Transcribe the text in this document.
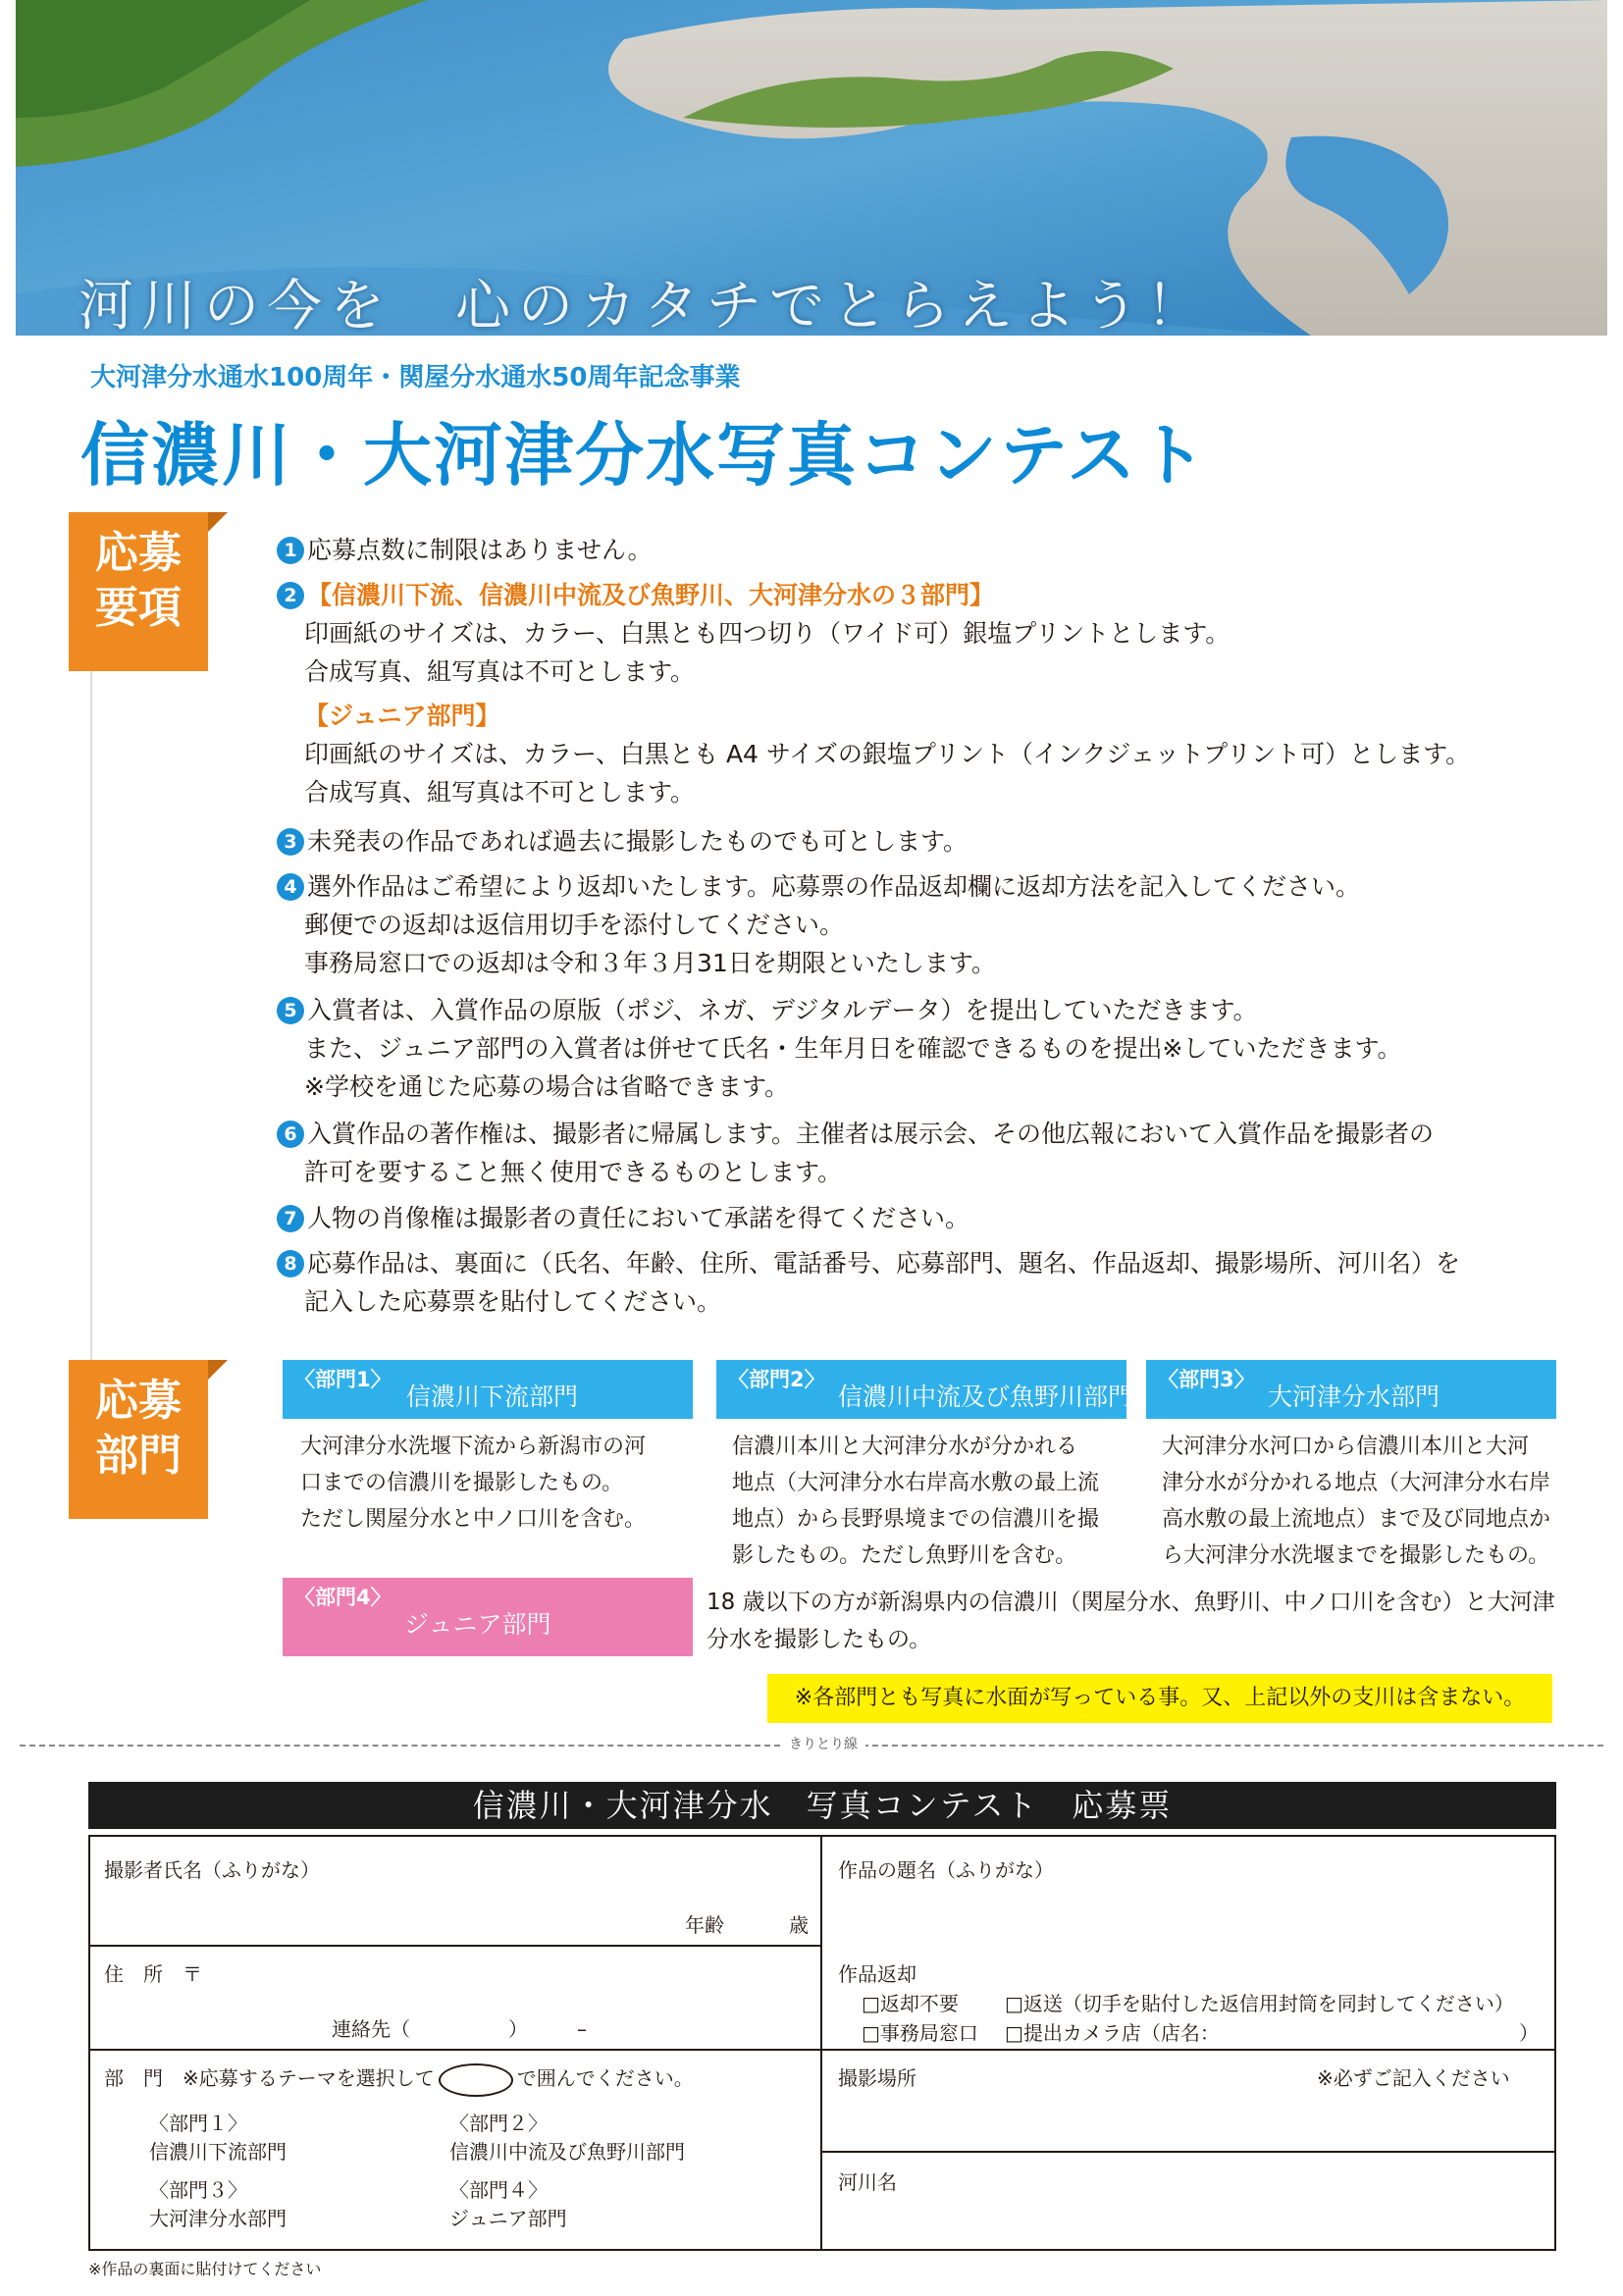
河川の今を　心のカタチでとらえよう！
大河津分水通水100周年・関屋分水通水50周年記念事業
信濃川・大河津分水写真コンテスト
応募
要項
1 応募点数に制限はありません。
2 【信濃川下流、信濃川中流及び魚野川、大河津分水の３部門】
印画紙のサイズは、カラー、白黒とも四つ切り（ワイド可）銀塩プリントとします。
合成写真、組写真は不可とします。
【ジュニア部門】
印画紙のサイズは、カラー、白黒とも A4 サイズの銀塩プリント（インクジェットプリント可）とします。
合成写真、組写真は不可とします。
3 未発表の作品であれば過去に撮影したものでも可とします。
4 選外作品はご希望により返却いたします。応募票の作品返却欄に返却方法を記入してください。
郵便での返却は返信用切手を添付してください。
事務局窓口での返却は令和３年３月31日を期限といたします。
5 入賞者は、入賞作品の原版（ポジ、ネガ、デジタルデータ）を提出していただきます。
また、ジュニア部門の入賞者は併せて氏名・生年月日を確認できるものを提出※していただきます。
※学校を通じた応募の場合は省略できます。
6 入賞作品の著作権は、撮影者に帰属します。主催者は展示会、その他広報において入賞作品を撮影者の
許可を要すること無く使用できるものとします。
7 人物の肖像権は撮影者の責任において承諾を得てください。
8 応募作品は、裏面に（氏名、年齢、住所、電話番号、応募部門、題名、作品返却、撮影場所、河川名）を
記入した応募票を貼付してください。
応募
部門
〈部門1〉
信濃川下流部門
大河津分水洗堰下流から新潟市の河
口までの信濃川を撮影したもの。
ただし関屋分水と中ノ口川を含む。
〈部門2〉
信濃川中流及び魚野川部門
信濃川本川と大河津分水が分かれる
地点（大河津分水右岸高水敷の最上流
地点）から長野県境までの信濃川を撮
影したもの。ただし魚野川を含む。
〈部門3〉
大河津分水部門
大河津分水河口から信濃川本川と大河
津分水が分かれる地点（大河津分水右岸
高水敷の最上流地点）まで及び同地点か
ら大河津分水洗堰までを撮影したもの。
〈部門4〉
ジュニア部門
18 歳以下の方が新潟県内の信濃川（関屋分水、魚野川、中ノ口川を含む）と大河津
分水を撮影したもの。
※各部門とも写真に水面が写っている事。又、上記以外の支川は含まない。
きりとり線
信濃川・大河津分水　写真コンテスト　応募票
撮影者氏名（ふりがな）
年齢	歳
作品の題名（ふりがな）
住　所　〒
連絡先（　　　　　）　　　–
作品返却
□返却不要 □返送（切手を貼付した返信用封筒を同封してください）
□事務局窓口 □提出カメラ店（店名：	）
部　門　※応募するテーマを選択して ○ で囲んでください。
〈部門１〉
信濃川下流部門
〈部門２〉
信濃川中流及び魚野川部門
〈部門３〉
大河津分水部門
〈部門４〉
ジュニア部門
撮影場所	※必ずご記入ください
河川名
※作品の裏面に貼付けてください
